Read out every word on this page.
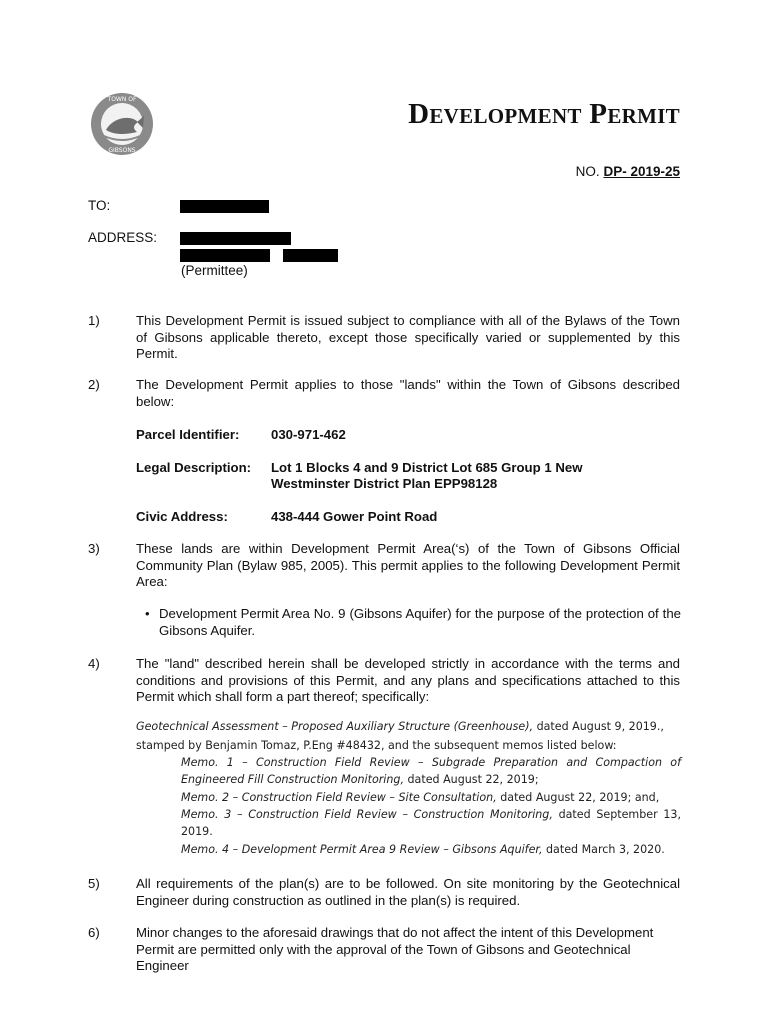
TOWN OF
GIBSONS
DEVELOPMENT PERMIT
NO. DP- 2019-25
TO:
ADDRESS:
(Permittee)
1)	This Development Permit is issued subject to compliance with all of the Bylaws of the Town of Gibsons applicable thereto, except those specifically varied or supplemented by this Permit.
2)	The Development Permit applies to those "lands" within the Town of Gibsons described below:
Parcel Identifier: 030-971-462
Legal Description: Lot 1 Blocks 4 and 9 District Lot 685 Group 1 New
Westminster District Plan EPP98128
Civic Address:	438-444 Gower Point Road
3)	These lands are within Development Permit Area(‘s) of the Town of Gibsons Official Community Plan (Bylaw 985, 2005). This permit applies to the following Development Permit Area:
• Development Permit Area No. 9 (Gibsons Aquifer) for the purpose of the protection of the Gibsons Aquifer.
4)	The "land" described herein shall be developed strictly in accordance with the terms and conditions and provisions of this Permit, and any plans and specifications attached to this Permit which shall form a part thereof; specifically:
Geotechnical Assessment – Proposed Auxiliary Structure (Greenhouse), dated August 9, 2019.,
stamped by Benjamin Tomaz, P.Eng #48432, and the subsequent memos listed below:
Memo. 1 – Construction Field Review – Subgrade Preparation and Compaction of
Engineered Fill Construction Monitoring, dated August 22, 2019;
Memo. 2 – Construction Field Review – Site Consultation, dated August 22, 2019; and,
Memo. 3 – Construction Field Review – Construction Monitoring, dated September 13,
2019.
Memo. 4 – Development Permit Area 9 Review – Gibsons Aquifer, dated March 3, 2020.
5)	All requirements of the plan(s) are to be followed. On site monitoring by the Geotechnical Engineer during construction as outlined in the plan(s) is required.
6)	Minor changes to the aforesaid drawings that do not affect the intent of this Development Permit are permitted only with the approval of the Town of Gibsons and Geotechnical Engineer
